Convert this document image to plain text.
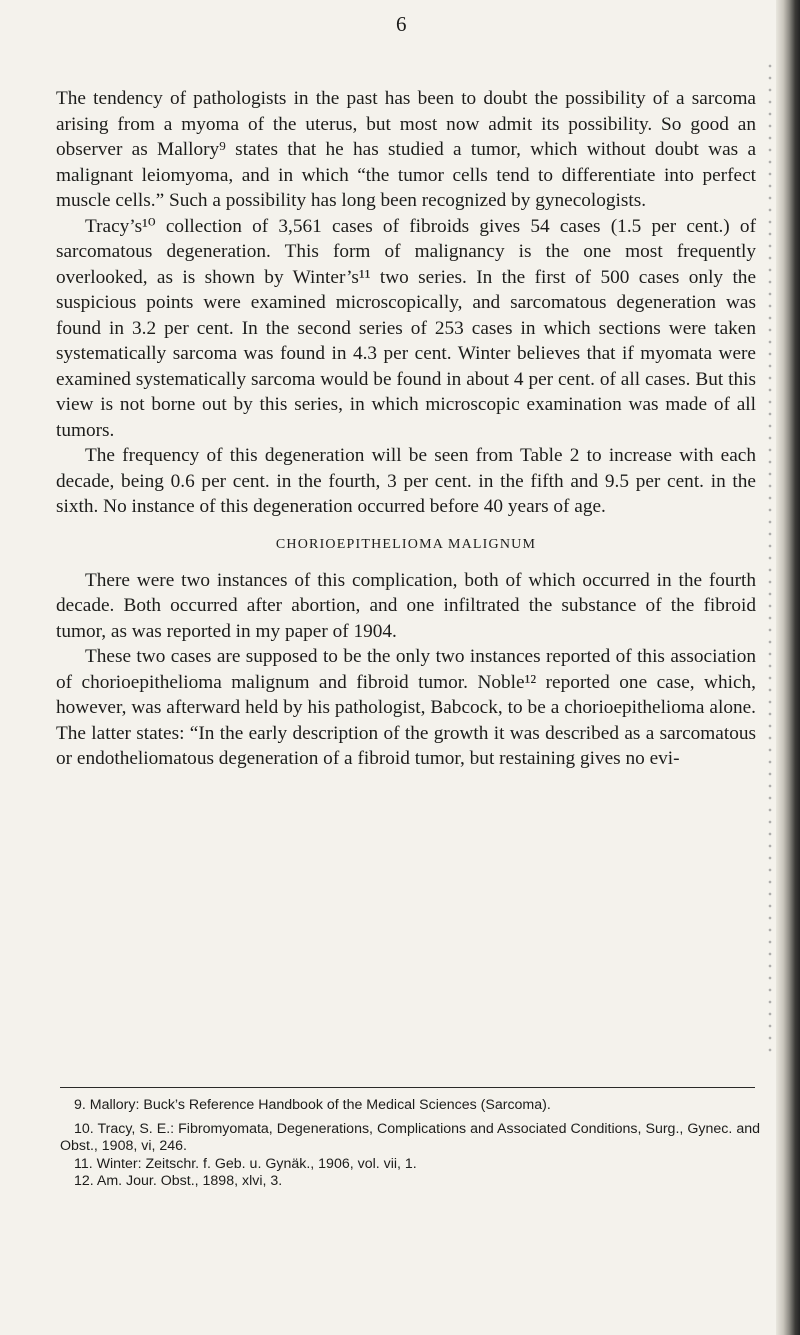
6

The tendency of pathologists in the past has been to doubt the possibility of a sarcoma arising from a myoma of the uterus, but most now admit its possibility. So good an observer as Mallory⁹ states that he has studied a tumor, which without doubt was a malignant leiomyoma, and in which “the tumor cells tend to differentiate into perfect muscle cells.” Such a possibility has long been recognized by gynecologists.

Tracy’s¹⁰ collection of 3,561 cases of fibroids gives 54 cases (1.5 per cent.) of sarcomatous degeneration. This form of malignancy is the one most frequently overlooked, as is shown by Winter’s¹¹ two series. In the first of 500 cases only the suspicious points were examined microscopically, and sarcomatous degeneration was found in 3.2 per cent. In the second series of 253 cases in which sections were taken systematically sarcoma was found in 4.3 per cent. Winter believes that if myomata were examined systematically sarcoma would be found in about 4 per cent. of all cases. But this view is not borne out by this series, in which microscopic examination was made of all tumors.

The frequency of this degeneration will be seen from Table 2 to increase with each decade, being 0.6 per cent. in the fourth, 3 per cent. in the fifth and 9.5 per cent. in the sixth. No instance of this degeneration occurred before 40 years of age.

CHORIOEPITHELIOMA MALIGNUM

There were two instances of this complication, both of which occurred in the fourth decade. Both occurred after abortion, and one infiltrated the substance of the fibroid tumor, as was reported in my paper of 1904.

These two cases are supposed to be the only two instances reported of this association of chorioepithelioma malignum and fibroid tumor. Noble¹² reported one case, which, however, was afterward held by his pathologist, Babcock, to be a chorioepithelioma alone. The latter states: “In the early description of the growth it was described as a sarcomatous or endotheliomatous degeneration of a fibroid tumor, but restaining gives no evi-

9. Mallory: Buck’s Reference Handbook of the Medical Sciences (Sarcoma).

10. Tracy, S. E.: Fibromyomata, Degenerations, Complications and Associated Conditions, Surg., Gynec. and Obst., 1908, vi, 246.

11. Winter: Zeitschr. f. Geb. u. Gynäk., 1906, vol. vii, 1.

12. Am. Jour. Obst., 1898, xlvi, 3.
